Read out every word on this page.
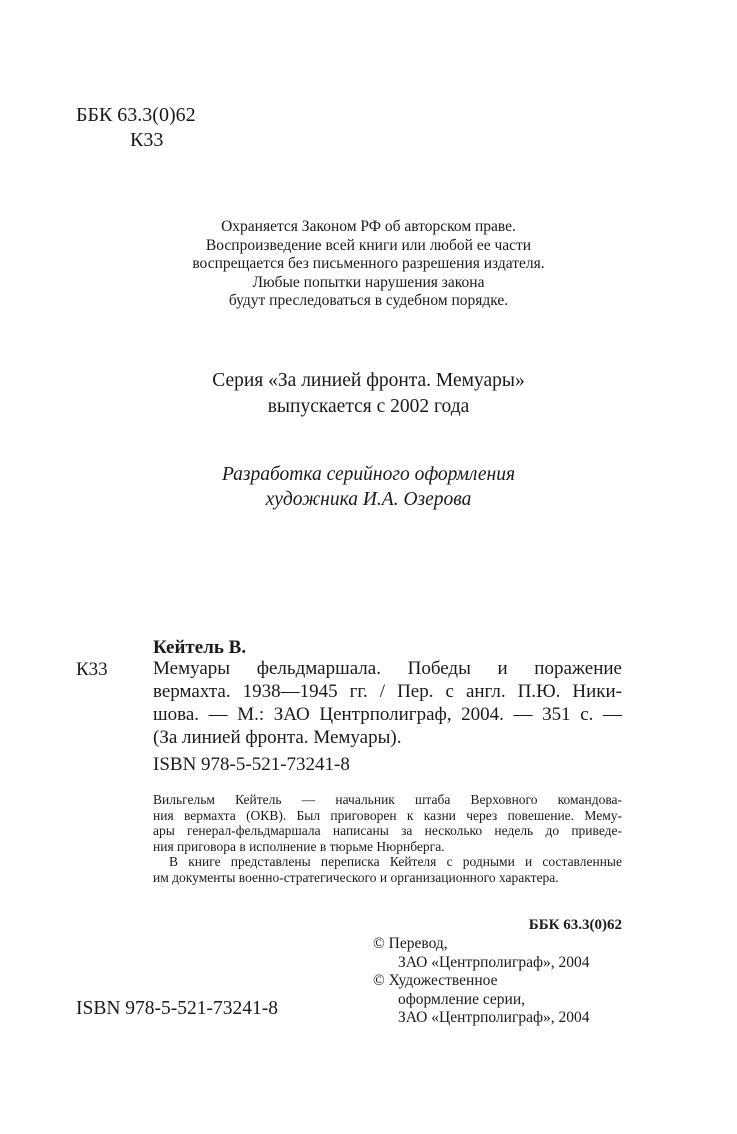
ББК 63.3(0)62
К33
Охраняется Законом РФ об авторском праве.
Воспроизведение всей книги или любой ее части
воспрещается без письменного разрешения издателя.
Любые попытки нарушения закона
будут преследоваться в судебном порядке.
Серия «За линией фронта. Мемуары»
выпускается с 2002 года
Разработка серийного оформления
художника И.А. Озерова
Кейтель В.
К33 Мемуары фельдмаршала. Победы и поражение
вермахта. 1938—1945 гг. / Пер. с англ. П.Ю. Ники-
шова. — М.: ЗАО Центрполиграф, 2004. — 351 с. —
(За линией фронта. Мемуары).
ISBN 978-5-521-73241-8
Вильгельм Кейтель — начальник штаба Верховного командова-
ния вермахта (ОКВ). Был приговорен к казни через повешение. Мему-
ары генерал-фельдмаршала написаны за несколько недель до приведе-
ния приговора в исполнение в тюрьме Нюрнберга.
В книге представлены переписка Кейтеля с родными и составленные
им документы военно-стратегического и организационного характера.
ББК 63.3(0)62
© Перевод,
ЗАО «Центрполиграф», 2004
© Художественное
оформление серии,
ЗАО «Центрполиграф», 2004
ISBN 978-5-521-73241-8
